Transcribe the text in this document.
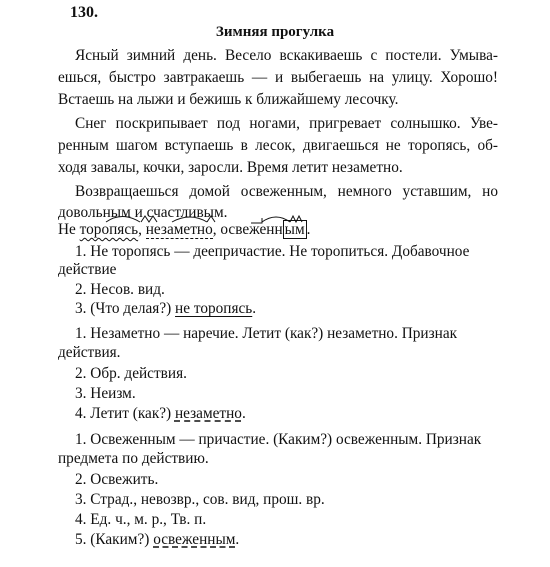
130.
Зимняя прогулка
Ясный зимний день. Весело вскакиваешь с постели. Умыва-
ешься, быстро завтракаешь — и выбегаешь на улицу. Хорошо!
Встаешь на лыжи и бежишь к ближайшему лесочку.
Снег поскрипывает под ногами, пригревает солнышко. Уве-
ренным шагом вступаешь в лесок, двигаешься не торопясь, об-
ходя завалы, кочки, заросли. Время летит незаметно.
Возвращаешься домой освеженным, немного уставшим, но
довольным и счастливым.
Не торопясь, незаметно, освеженн ым .
1. Не торопясь — деепричастие. Не торопиться. Добавочное
действие
2. Несов. вид.
3. (Что делая?) не торопясь.
1. Незаметно — наречие. Летит (как?) незаметно. Признак
действия.
2. Обр. действия.
3. Неизм.
4. Летит (как?) незаметно.
1. Освеженным — причастие. (Каким?) освеженным. Признак
предмета по действию.
2. Освежить.
3. Страд., невозвр., сов. вид, прош. вр.
4. Ед. ч., м. р., Тв. п.
5. (Каким?) освеженным.
